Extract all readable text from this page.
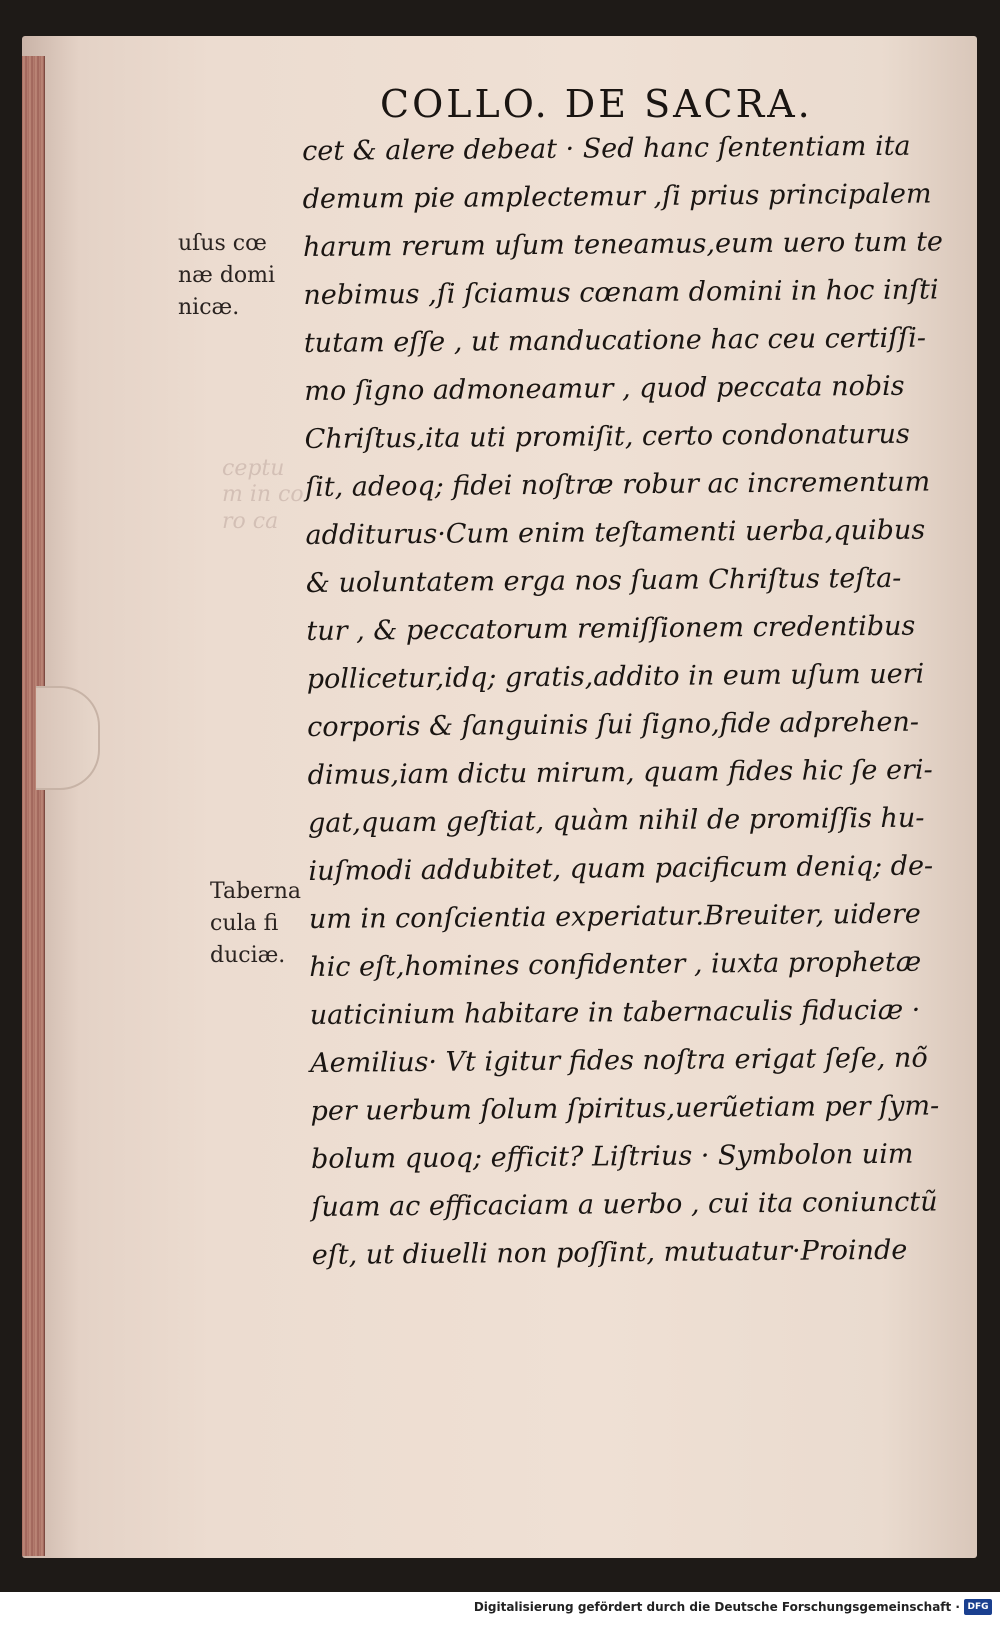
ceptu
m in co
ro ca
COLLO. DE SACRA.
cet & alere debeat · Sed hanc ſententiam ita
demum pie amplectemur ,ſi prius principalem
harum rerum uſum teneamus,eum uero tum te
nebimus ,ſi ſciamus cœnam domini in hoc inſti
tutam eſſe , ut manducatione hac ceu certiſſi-
mo ſigno admoneamur , quod peccata nobis
Chriſtus,ita uti promiſit, certo condonaturus
ſit, adeoq; fidei noſtræ robur ac incrementum
additurus·Cum enim teſtamenti uerba,quibus
& uoluntatem erga nos ſuam Chriſtus teſta-
tur , & peccatorum remiſſionem credentibus
pollicetur,idq; gratis,addito in eum uſum ueri
corporis & ſanguinis ſui ſigno,fide adprehen-
dimus,iam dictu mirum, quam fides hic ſe eri-
gat,quam geſtiat, quàm nihil de promiſſis hu-
iuſmodi addubitet, quam pacificum deniq; de-
um in conſcientia experiatur.Breuiter, uidere
hic eſt,homines confidenter , iuxta prophetæ
uaticinium habitare in tabernaculis fiduciæ ·
Aemilius· Vt igitur fides noſtra erigat ſeſe, nõ
per uerbum ſolum ſpiritus,uerũetiam per ſym-
bolum quoq; efficit? Liſtrius · Symbolon uim
ſuam ac efficaciam a uerbo , cui ita coniunctũ
eſt, ut diuelli non poſſint, mutuatur·Proinde
uſus cœ
næ domi
nicæ.
Taberna
cula fi
duciæ.
Digitalisierung gefördert durch die Deutsche Forschungsgemeinschaft · DFG
